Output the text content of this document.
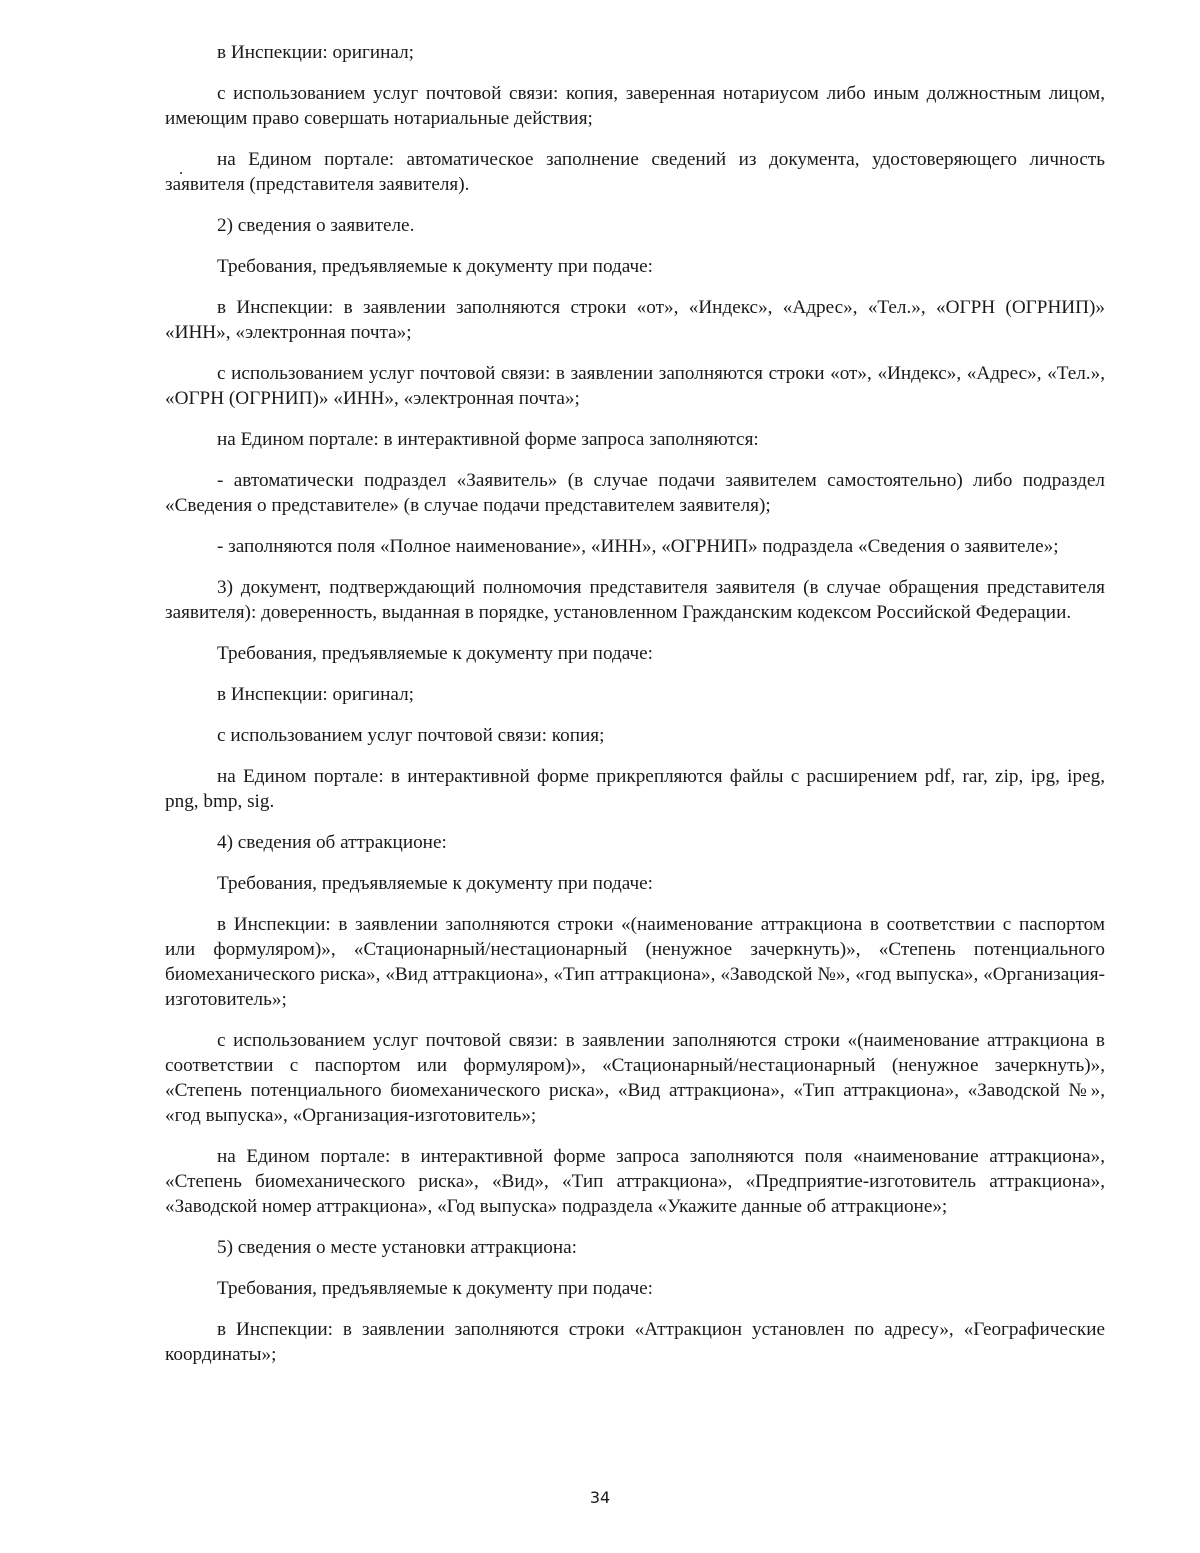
в Инспекции: оригинал;

с использованием услуг почтовой связи: копия, заверенная нотариусом либо иным должностным лицом, имеющим право совершать нотариальные действия;

на Едином портале: автоматическое заполнение сведений из документа, удостоверяющего личность заявителя (представителя заявителя).

2) сведения о заявителе.

Требования, предъявляемые к документу при подаче:

в Инспекции: в заявлении заполняются строки «от», «Индекс», «Адрес», «Тел.», «ОГРН (ОГРНИП)» «ИНН», «электронная почта»;

с использованием услуг почтовой связи: в заявлении заполняются строки «от», «Индекс», «Адрес», «Тел.», «ОГРН (ОГРНИП)» «ИНН», «электронная почта»;

на Едином портале: в интерактивной форме запроса заполняются:

- автоматически подраздел «Заявитель» (в случае подачи заявителем самостоятельно) либо подраздел «Сведения о представителе» (в случае подачи представителем заявителя);

- заполняются поля «Полное наименование», «ИНН», «ОГРНИП» подраздела «Сведения о заявителе»;

3) документ, подтверждающий полномочия представителя заявителя (в случае обращения представителя заявителя): доверенность, выданная в порядке, установленном Гражданским кодексом Российской Федерации.

Требования, предъявляемые к документу при подаче:

в Инспекции: оригинал;

с использованием услуг почтовой связи: копия;

на Едином портале: в интерактивной форме прикрепляются файлы с расширением pdf, rar, zip, ipg, ipeg, png, bmp, sig.

4) сведения об аттракционе:

Требования, предъявляемые к документу при подаче:

в Инспекции: в заявлении заполняются строки «(наименование аттракциона в соответствии с паспортом или формуляром)», «Стационарный/нестационарный (ненужное зачеркнуть)», «Степень потенциального биомеханического риска», «Вид аттракциона», «Тип аттракциона», «Заводской №», «год выпуска», «Организация-изготовитель»;

с использованием услуг почтовой связи: в заявлении заполняются строки «(наименование аттракциона в соответствии с паспортом или формуляром)», «Стационарный/нестационарный (ненужное зачеркнуть)», «Степень потенциального биомеханического риска», «Вид аттракциона», «Тип аттракциона», «Заводской №», «год выпуска», «Организация-изготовитель»;

на Едином портале: в интерактивной форме запроса заполняются поля «наименование аттракциона», «Степень биомеханического риска», «Вид», «Тип аттракциона», «Предприятие-изготовитель аттракциона», «Заводской номер аттракциона», «Год выпуска» подраздела «Укажите данные об аттракционе»;

5) сведения о месте установки аттракциона:

Требования, предъявляемые к документу при подаче:

в Инспекции: в заявлении заполняются строки «Аттракцион установлен по адресу», «Географические координаты»;

34
